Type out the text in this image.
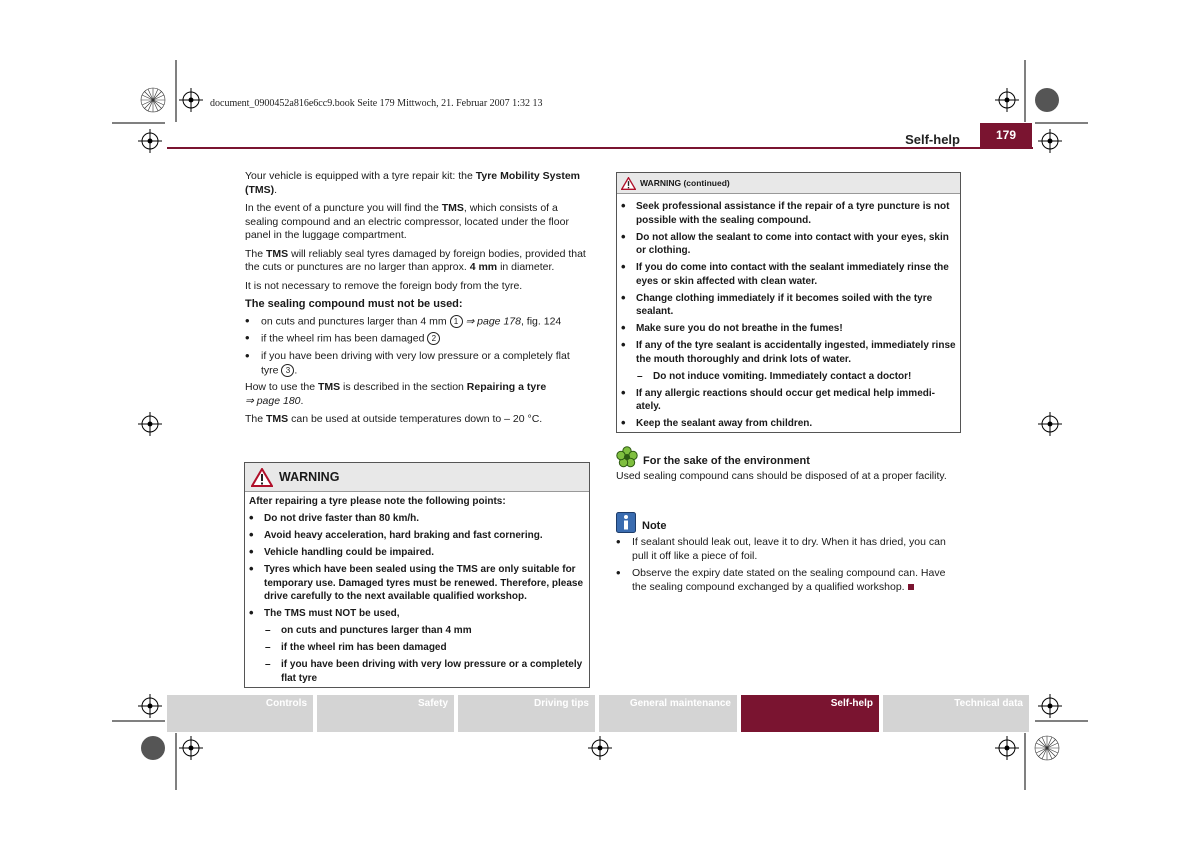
document_0900452a816e6cc9.book Seite 179 Mittwoch, 21. Februar 2007 1:32 13
Self-help	179

Your vehicle is equipped with a tyre repair kit: the Tyre Mobility System (TMS).

In the event of a puncture you will find the TMS, which consists of a sealing compound and an electric compressor, located under the floor panel in the luggage compartment.

The TMS will reliably seal tyres damaged by foreign bodies, provided that the cuts or punctures are no larger than approx. 4 mm in diameter.

It is not necessary to remove the foreign body from the tyre.

The sealing compound must not be used:
• on cuts and punctures larger than 4 mm 1 ⇒ page 178, fig. 124
• if the wheel rim has been damaged 2
• if you have been driving with very low pressure or a completely flat tyre 3 .

How to use the TMS is described in the section Repairing a tyre
⇒ page 180.

The TMS can be used at outside temperatures down to – 20 °C.

WARNING

After repairing a tyre please note the following points:

• Do not drive faster than 80 km/h.
• Avoid heavy acceleration, hard braking and fast cornering.
• Vehicle handling could be impaired.
• Tyres which have been sealed using the TMS are only suitable for temporary use. Damaged tyres must be renewed. Therefore, please drive carefully to the next available qualified workshop.
• The TMS must NOT be used,
– on cuts and punctures larger than 4 mm
– if the wheel rim has been damaged
– if you have been driving with very low pressure or a completely flat tyre
WARNING (continued)
• Seek professional assistance if the repair of a tyre puncture is not possible with the sealing compound.
• Do not allow the sealant to come into contact with your eyes, skin or clothing.
• If you do come into contact with the sealant immediately rinse the eyes or skin affected with clean water.
• Change clothing immediately if it becomes soiled with the tyre sealant.
• Make sure you do not breathe in the fumes!
• If any of the tyre sealant is accidentally ingested, immediately rinse the mouth thoroughly and drink lots of water.
– Do not induce vomiting. Immediately contact a doctor!
• If any allergic reactions should occur get medical help immedi-ately.
• Keep the sealant away from children.
For the sake of the environment

Used sealing compound cans should be disposed of at a proper facility.

Note
• If sealant should leak out, leave it to dry. When it has dried, you can pull it off like a piece of foil.
• Observe the expiry date stated on the sealing compound can. Have the sealing compound exchanged by a qualified workshop.
Controls	Safety	Driving tips	General maintenance	Self-help	Technical data
